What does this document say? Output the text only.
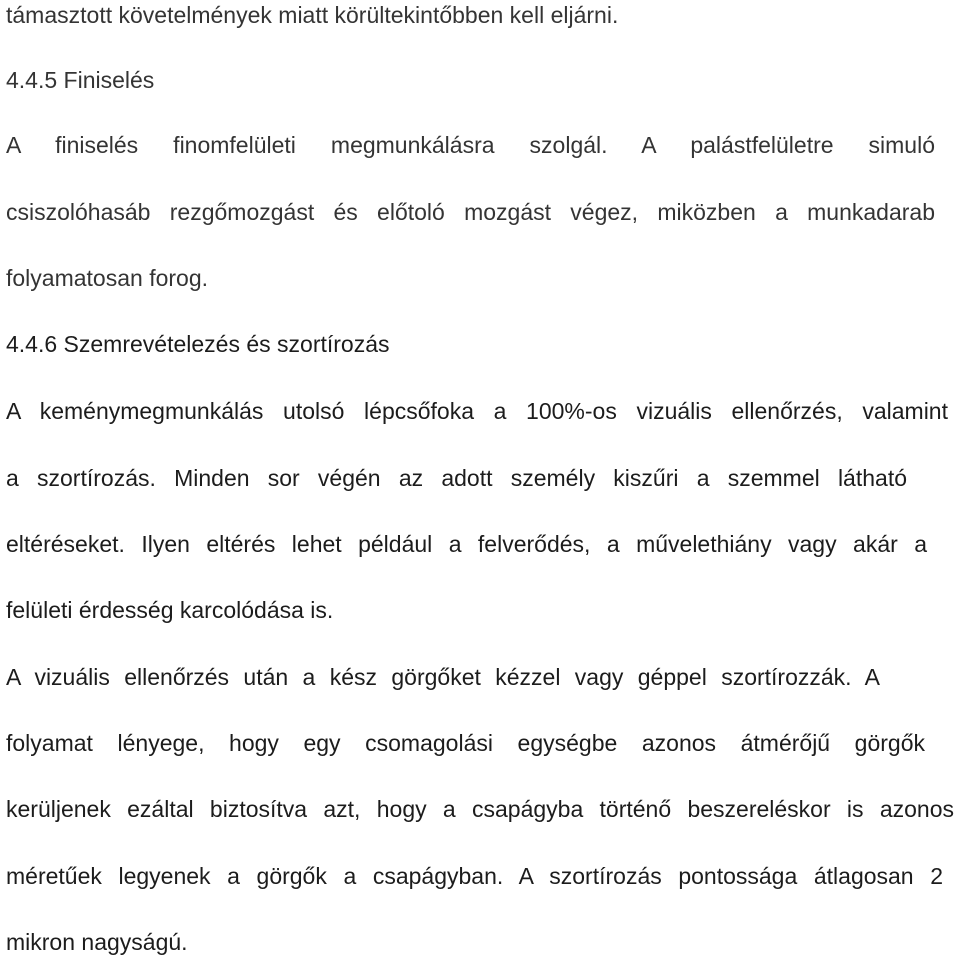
támasztott követelmények miatt körültekintőbben kell eljárni.
4.4.5 Finiselés
A finiselés finomfelületi megmunkálásra szolgál. A palástfelületre simuló
csiszolóhasáb rezgőmozgást és előtoló mozgást végez, miközben a munkadarab
folyamatosan forog.
4.4.6 Szemrevételezés és szortírozás
A keménymegmunkálás utolsó lépcsőfoka a 100%-os vizuális ellenőrzés, valamint
a szortírozás. Minden sor végén az adott személy kiszűri a szemmel látható
eltéréseket. Ilyen eltérés lehet például a felverődés, a művelethiány vagy akár a
felületi érdesség karcolódása is.
A vizuális ellenőrzés után a kész görgőket kézzel vagy géppel szortírozzák. A
folyamat lényege, hogy egy csomagolási egységbe azonos átmérőjű görgők
kerüljenek ezáltal biztosítva azt, hogy a csapágyba történő beszereléskor is azonos
méretűek legyenek a görgők a csapágyban. A szortírozás pontossága átlagosan 2
mikron nagyságú.
